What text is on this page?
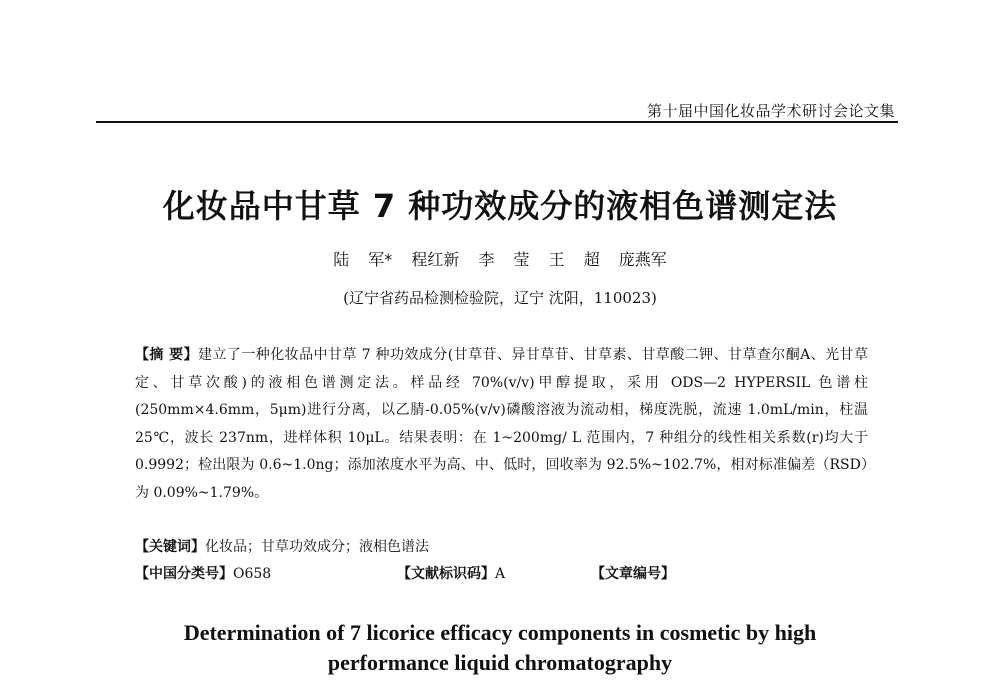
第十届中国化妆品学术研讨会论文集
化妆品中甘草 7 种功效成分的液相色谱测定法
陆 军* 程红新 李 莹 王 超 庞燕军
(辽宁省药品检测检验院，辽宁 沈阳，110023)
【摘 要】建立了一种化妆品中甘草 7 种功效成分(甘草苷、异甘草苷、甘草素、甘草酸二钾、甘草查尔酮A、光甘草定、甘草次酸)的液相色谱测定法。样品经 70%(v/v)甲醇提取，采用 ODS—2 HYPERSIL 色谱柱(250mm×4.6mm，5μm)进行分离，以乙腈-0.05%(v/v)磷酸溶液为流动相，梯度洗脱，流速 1.0mL/min，柱温 25℃，波长 237nm，进样体积 10μL。结果表明：在 1~200mg/ L 范围内，7 种组分的线性相关系数(r)均大于 0.9992；检出限为 0.6~1.0ng；添加浓度水平为高、中、低时，回收率为 92.5%~102.7%，相对标准偏差（RSD）为 0.09%~1.79%。
【关键词】化妆品；甘草功效成分；液相色谱法
【中国分类号】O658	【文献标识码】A	【文章编号】
Determination of 7 licorice efficacy components in cosmetic by high
performance liquid chromatography
